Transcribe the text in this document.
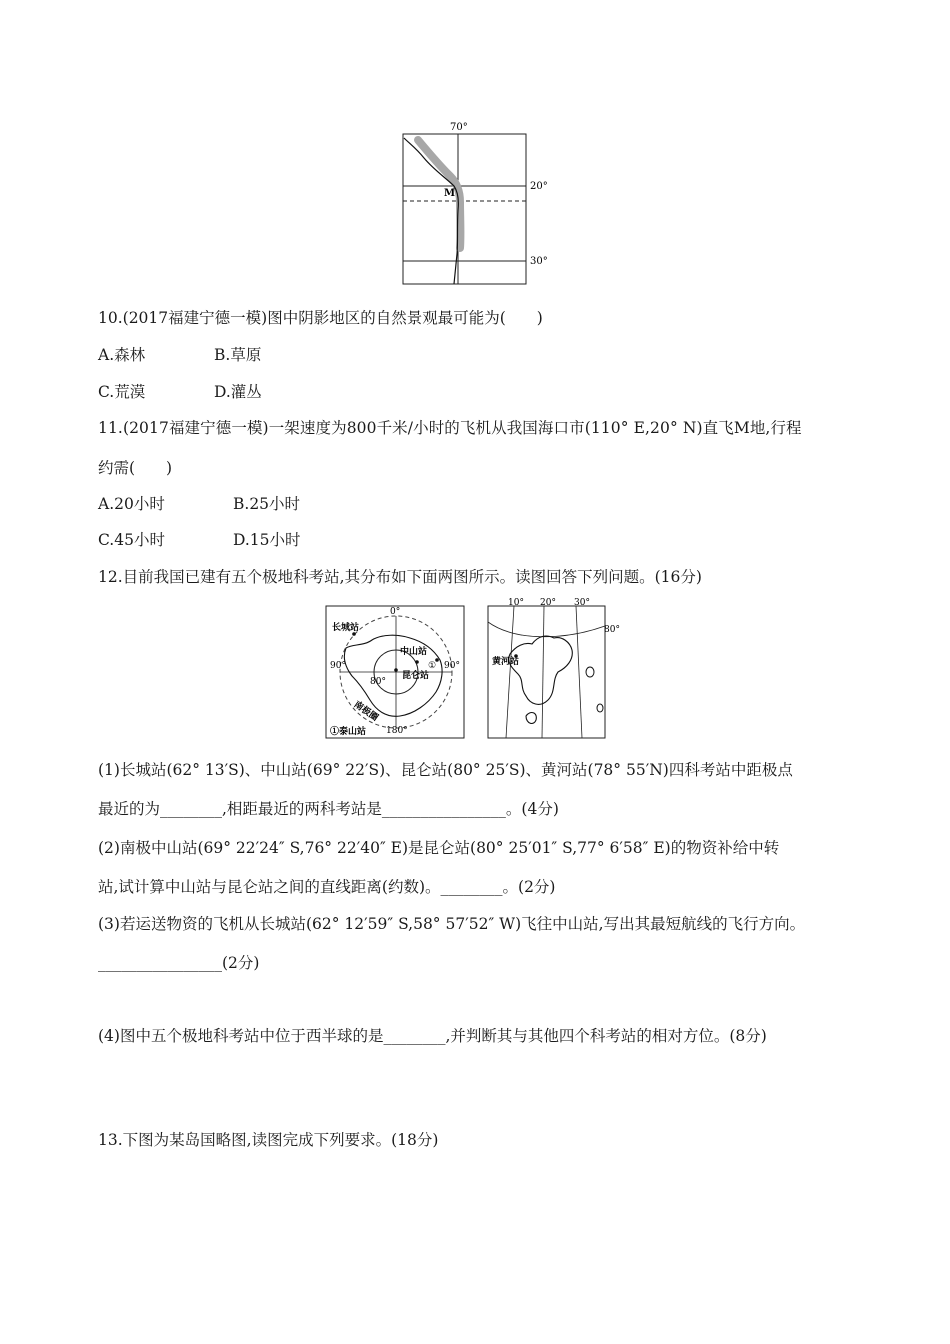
70°
20°
30°
M
10.(2017福建宁德一模)图中阴影地区的自然景观最可能为(　　)
A.森林	B.草原
C.荒漠	D.灌丛
11.(2017福建宁德一模)一架速度为800千米/小时的飞机从我国海口市(110° E,20° N)直飞M地,行程
约需(　　)
A.20小时	B.25小时
C.45小时	D.15小时
12.目前我国已建有五个极地科考站,其分布如下面两图所示。读图回答下列问题。(16分)
0°
90°	90°
180°
80°
长城站
中山站
昆仑站
①
南极圈
①泰山站
10° 20° 30°
80°
黄河站
(1)长城站(62° 13′S)、中山站(69° 22′S)、昆仑站(80° 25′S)、黄河站(78° 55′N)四科考站中距极点
最近的为________,相距最近的两科考站是________________。(4分)
(2)南极中山站(69° 22′24″ S,76° 22′40″ E)是昆仑站(80° 25′01″ S,77° 6′58″ E)的物资补给中转
站,试计算中山站与昆仑站之间的直线距离(约数)。________。(2分)
(3)若运送物资的飞机从长城站(62° 12′59″ S,58° 57′52″ W)飞往中山站,写出其最短航线的飞行方向。
________________(2分)
(4)图中五个极地科考站中位于西半球的是________,并判断其与其他四个科考站的相对方位。(8分)
13.下图为某岛国略图,读图完成下列要求。(18分)
